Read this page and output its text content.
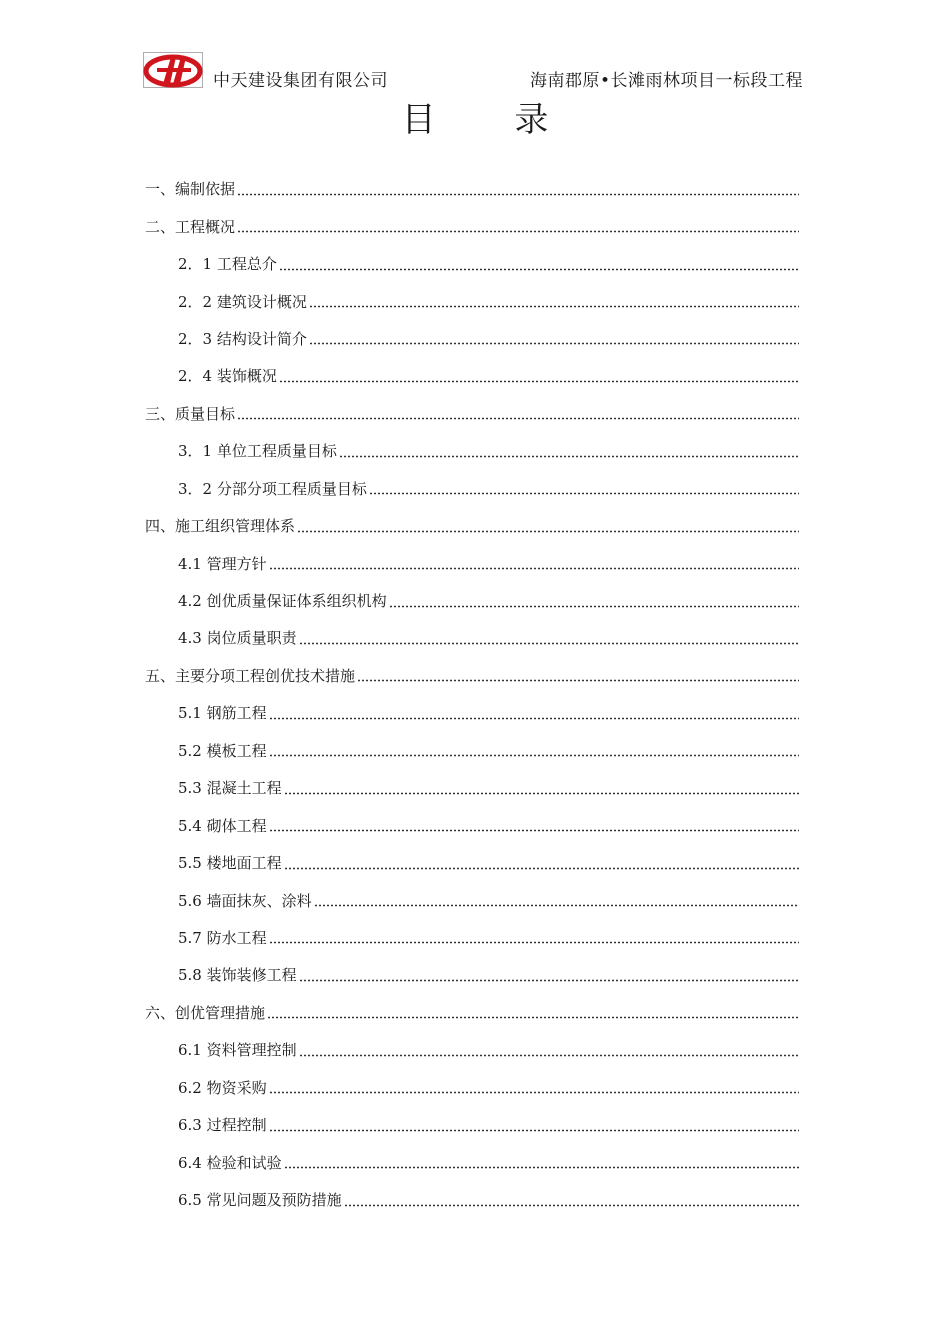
中天建设集团有限公司	海南郡原•长滩雨林项目一标段工程
目 录
一、编制依据
二、工程概况
2．1 工程总介
2．2 建筑设计概况
2．3 结构设计简介
2．4 装饰概况
三、质量目标
3．1 单位工程质量目标
3．2 分部分项工程质量目标
四、施工组织管理体系
4.1 管理方针
4.2 创优质量保证体系组织机构
4.3 岗位质量职责
五、主要分项工程创优技术措施
5.1 钢筋工程
5.2 模板工程
5.3 混凝土工程
5.4 砌体工程
5.5 楼地面工程
5.6 墙面抹灰、涂料
5.7 防水工程
5.8 装饰装修工程
六、创优管理措施
6.1 资料管理控制
6.2 物资采购
6.3 过程控制
6.4 检验和试验
6.5 常见问题及预防措施
